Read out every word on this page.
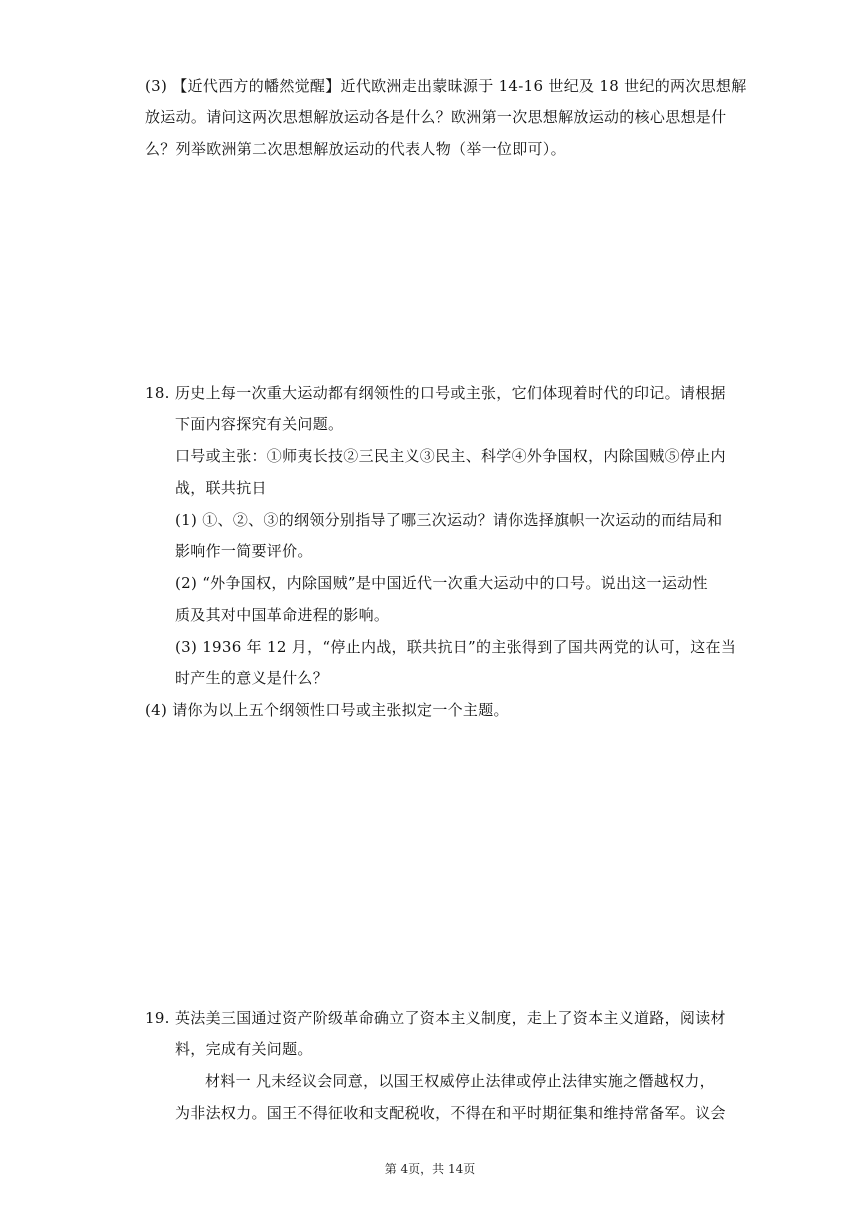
(3) 【近代西方的幡然觉醒】近代欧洲走出蒙昧源于 14-16 世纪及 18 世纪的两次思想解
放运动。请问这两次思想解放运动各是什么？欧洲第一次思想解放运动的核心思想是什
么？列举欧洲第二次思想解放运动的代表人物（举一位即可）。
18. 历史上每一次重大运动都有纲领性的口号或主张，它们体现着时代的印记。请根据
下面内容探究有关问题。
口号或主张：①师夷长技②三民主义③民主、科学④外争国权，内除国贼⑤停止内
战，联共抗日
(1) ①、②、③的纲领分别指导了哪三次运动？请你选择旗帜一次运动的而结局和
影响作一简要评价。
(2) “外争国权，内除国贼”是中国近代一次重大运动中的口号。说出这一运动性
质及其对中国革命进程的影响。
(3) 1936 年 12 月，“停止内战，联共抗日”的主张得到了国共两党的认可，这在当
时产生的意义是什么？
(4) 请你为以上五个纲领性口号或主张拟定一个主题。
19. 英法美三国通过资产阶级革命确立了资本主义制度，走上了资本主义道路，阅读材
料，完成有关问题。
材料一 凡未经议会同意，以国王权威停止法律或停止法律实施之僭越权力，
为非法权力。国王不得征收和支配税收，不得在和平时期征集和维持常备军。议会
第 4页，共 14页
